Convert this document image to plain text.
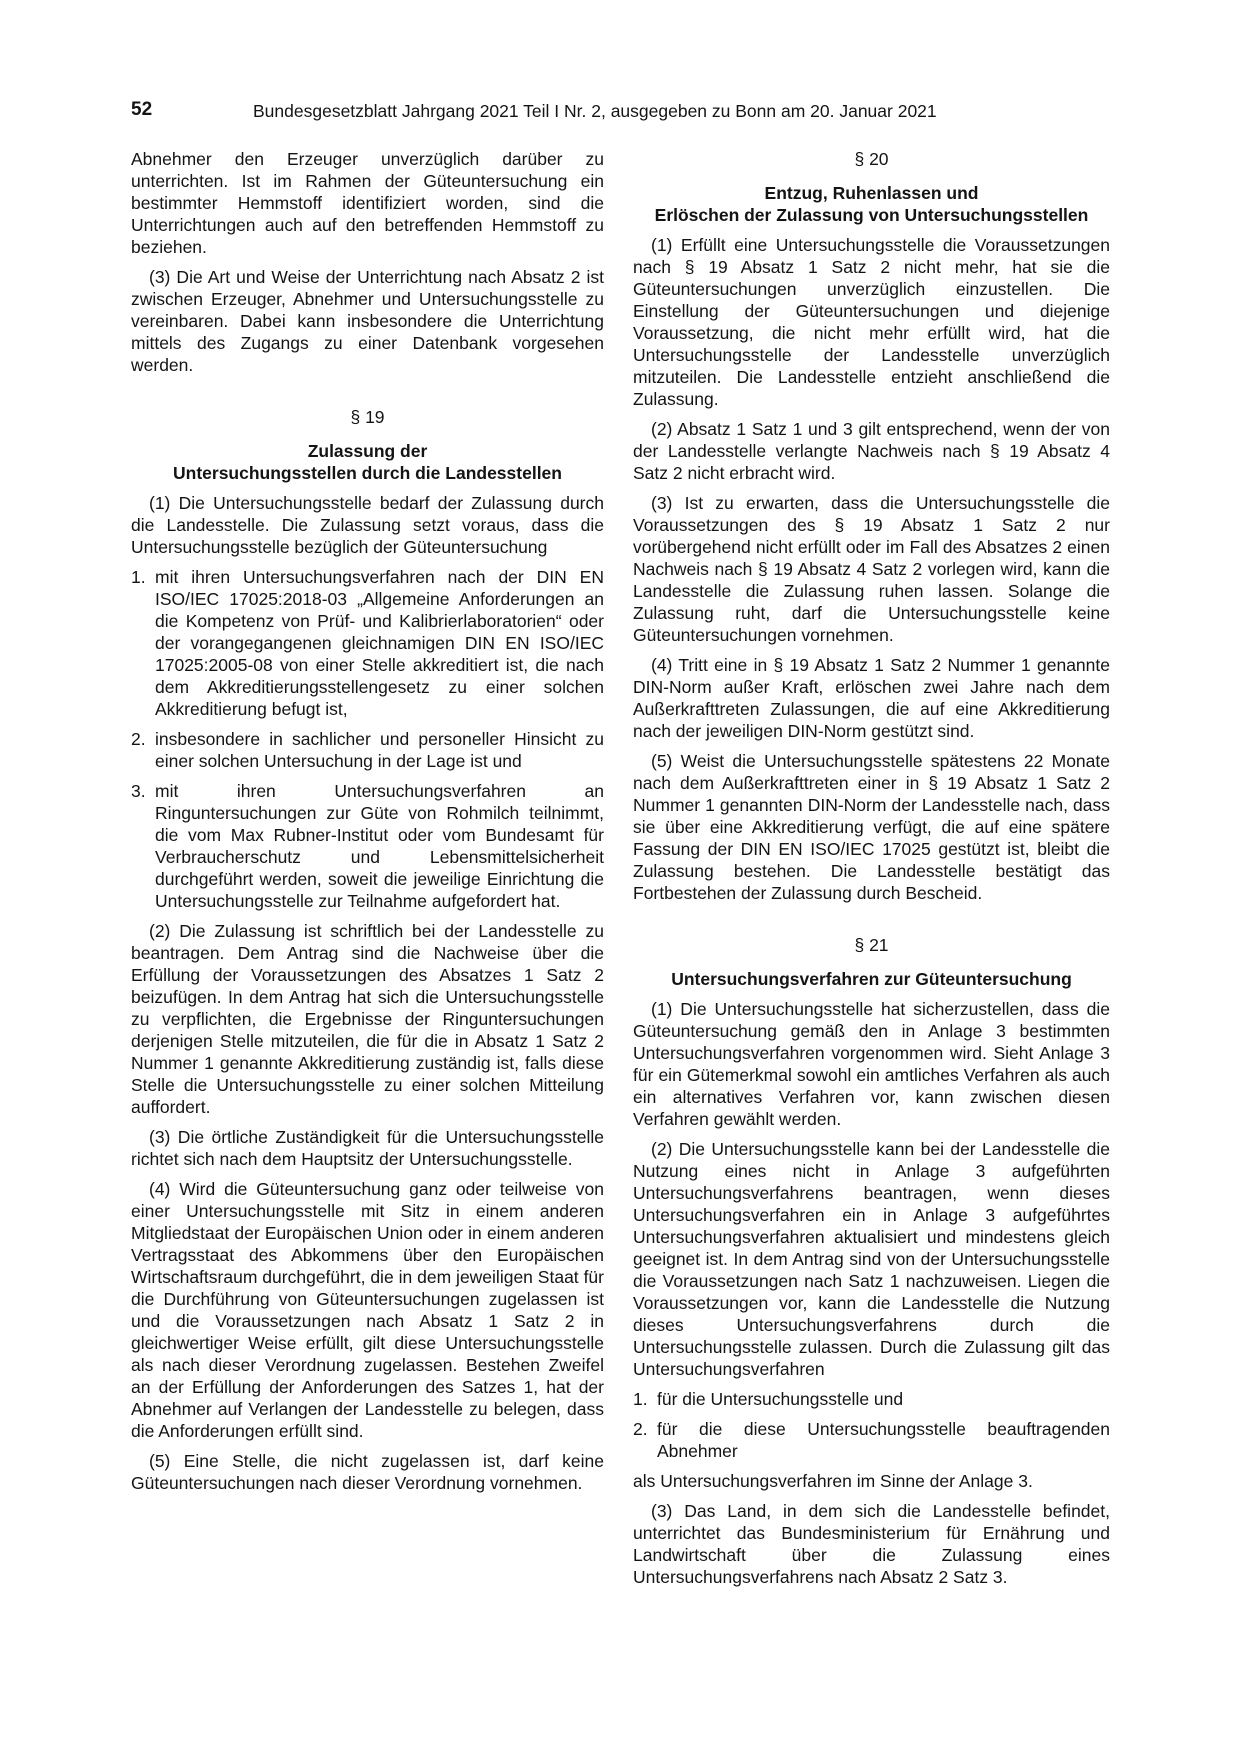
52	Bundesgesetzblatt Jahrgang 2021 Teil I Nr. 2, ausgegeben zu Bonn am 20. Januar 2021

Abnehmer den Erzeuger unverzüglich darüber zu unterrichten. Ist im Rahmen der Güteuntersuchung ein bestimmter Hemmstoff identifiziert worden, sind die Unterrichtungen auch auf den betreffenden Hemmstoff zu beziehen.

(3) Die Art und Weise der Unterrichtung nach Absatz 2 ist zwischen Erzeuger, Abnehmer und Untersuchungsstelle zu vereinbaren. Dabei kann insbesondere die Unterrichtung mittels des Zugangs zu einer Datenbank vorgesehen werden.

§ 19
Zulassung der
Untersuchungsstellen durch die Landesstellen

(1) Die Untersuchungsstelle bedarf der Zulassung durch die Landesstelle. Die Zulassung setzt voraus, dass die Untersuchungsstelle bezüglich der Güteuntersuchung

1. mit ihren Untersuchungsverfahren nach der DIN EN ISO/IEC 17025:2018-03 „Allgemeine Anforderungen an die Kompetenz von Prüf- und Kalibrierlaboratorien“ oder der vorangegangenen gleichnamigen DIN EN ISO/IEC 17025:2005-08 von einer Stelle akkreditiert ist, die nach dem Akkreditierungsstellengesetz zu einer solchen Akkreditierung befugt ist,
2. insbesondere in sachlicher und personeller Hinsicht zu einer solchen Untersuchung in der Lage ist und
3. mit ihren Untersuchungsverfahren an Ringuntersuchungen zur Güte von Rohmilch teilnimmt, die vom Max Rubner-Institut oder vom Bundesamt für Verbraucherschutz und Lebensmittelsicherheit durchgeführt werden, soweit die jeweilige Einrichtung die Untersuchungsstelle zur Teilnahme aufgefordert hat.

(2) Die Zulassung ist schriftlich bei der Landesstelle zu beantragen. Dem Antrag sind die Nachweise über die Erfüllung der Voraussetzungen des Absatzes 1 Satz 2 beizufügen. In dem Antrag hat sich die Untersuchungsstelle zu verpflichten, die Ergebnisse der Ringuntersuchungen derjenigen Stelle mitzuteilen, die für die in Absatz 1 Satz 2 Nummer 1 genannte Akkreditierung zuständig ist, falls diese Stelle die Untersuchungsstelle zu einer solchen Mitteilung auffordert.

(3) Die örtliche Zuständigkeit für die Untersuchungsstelle richtet sich nach dem Hauptsitz der Untersuchungsstelle.

(4) Wird die Güteuntersuchung ganz oder teilweise von einer Untersuchungsstelle mit Sitz in einem anderen Mitgliedstaat der Europäischen Union oder in einem anderen Vertragsstaat des Abkommens über den Europäischen Wirtschaftsraum durchgeführt, die in dem jeweiligen Staat für die Durchführung von Güteuntersuchungen zugelassen ist und die Voraussetzungen nach Absatz 1 Satz 2 in gleichwertiger Weise erfüllt, gilt diese Untersuchungsstelle als nach dieser Verordnung zugelassen. Bestehen Zweifel an der Erfüllung der Anforderungen des Satzes 1, hat der Abnehmer auf Verlangen der Landesstelle zu belegen, dass die Anforderungen erfüllt sind.

(5) Eine Stelle, die nicht zugelassen ist, darf keine Güteuntersuchungen nach dieser Verordnung vornehmen.

§ 20
Entzug, Ruhenlassen und
Erlöschen der Zulassung von Untersuchungsstellen

(1) Erfüllt eine Untersuchungsstelle die Voraussetzungen nach § 19 Absatz 1 Satz 2 nicht mehr, hat sie die Güteuntersuchungen unverzüglich einzustellen. Die Einstellung der Güteuntersuchungen und diejenige Voraussetzung, die nicht mehr erfüllt wird, hat die Untersuchungsstelle der Landesstelle unverzüglich mitzuteilen. Die Landesstelle entzieht anschließend die Zulassung.

(2) Absatz 1 Satz 1 und 3 gilt entsprechend, wenn der von der Landesstelle verlangte Nachweis nach § 19 Absatz 4 Satz 2 nicht erbracht wird.

(3) Ist zu erwarten, dass die Untersuchungsstelle die Voraussetzungen des § 19 Absatz 1 Satz 2 nur vorübergehend nicht erfüllt oder im Fall des Absatzes 2 einen Nachweis nach § 19 Absatz 4 Satz 2 vorlegen wird, kann die Landesstelle die Zulassung ruhen lassen. Solange die Zulassung ruht, darf die Untersuchungsstelle keine Güteuntersuchungen vornehmen.

(4) Tritt eine in § 19 Absatz 1 Satz 2 Nummer 1 genannte DIN-Norm außer Kraft, erlöschen zwei Jahre nach dem Außerkrafttreten Zulassungen, die auf eine Akkreditierung nach der jeweiligen DIN-Norm gestützt sind.

(5) Weist die Untersuchungsstelle spätestens 22 Monate nach dem Außerkrafttreten einer in § 19 Absatz 1 Satz 2 Nummer 1 genannten DIN-Norm der Landesstelle nach, dass sie über eine Akkreditierung verfügt, die auf eine spätere Fassung der DIN EN ISO/IEC 17025 gestützt ist, bleibt die Zulassung bestehen. Die Landesstelle bestätigt das Fortbestehen der Zulassung durch Bescheid.

§ 21
Untersuchungsverfahren zur Güteuntersuchung

(1) Die Untersuchungsstelle hat sicherzustellen, dass die Güteuntersuchung gemäß den in Anlage 3 bestimmten Untersuchungsverfahren vorgenommen wird. Sieht Anlage 3 für ein Gütemerkmal sowohl ein amtliches Verfahren als auch ein alternatives Verfahren vor, kann zwischen diesen Verfahren gewählt werden.

(2) Die Untersuchungsstelle kann bei der Landesstelle die Nutzung eines nicht in Anlage 3 aufgeführten Untersuchungsverfahrens beantragen, wenn dieses Untersuchungsverfahren ein in Anlage 3 aufgeführtes Untersuchungsverfahren aktualisiert und mindestens gleich geeignet ist. In dem Antrag sind von der Untersuchungsstelle die Voraussetzungen nach Satz 1 nachzuweisen. Liegen die Voraussetzungen vor, kann die Landesstelle die Nutzung dieses Untersuchungsverfahrens durch die Untersuchungsstelle zulassen. Durch die Zulassung gilt das Untersuchungsverfahren

1. für die Untersuchungsstelle und
2. für die diese Untersuchungsstelle beauftragenden Abnehmer

als Untersuchungsverfahren im Sinne der Anlage 3.

(3) Das Land, in dem sich die Landesstelle befindet, unterrichtet das Bundesministerium für Ernährung und Landwirtschaft über die Zulassung eines Untersuchungsverfahrens nach Absatz 2 Satz 3.
